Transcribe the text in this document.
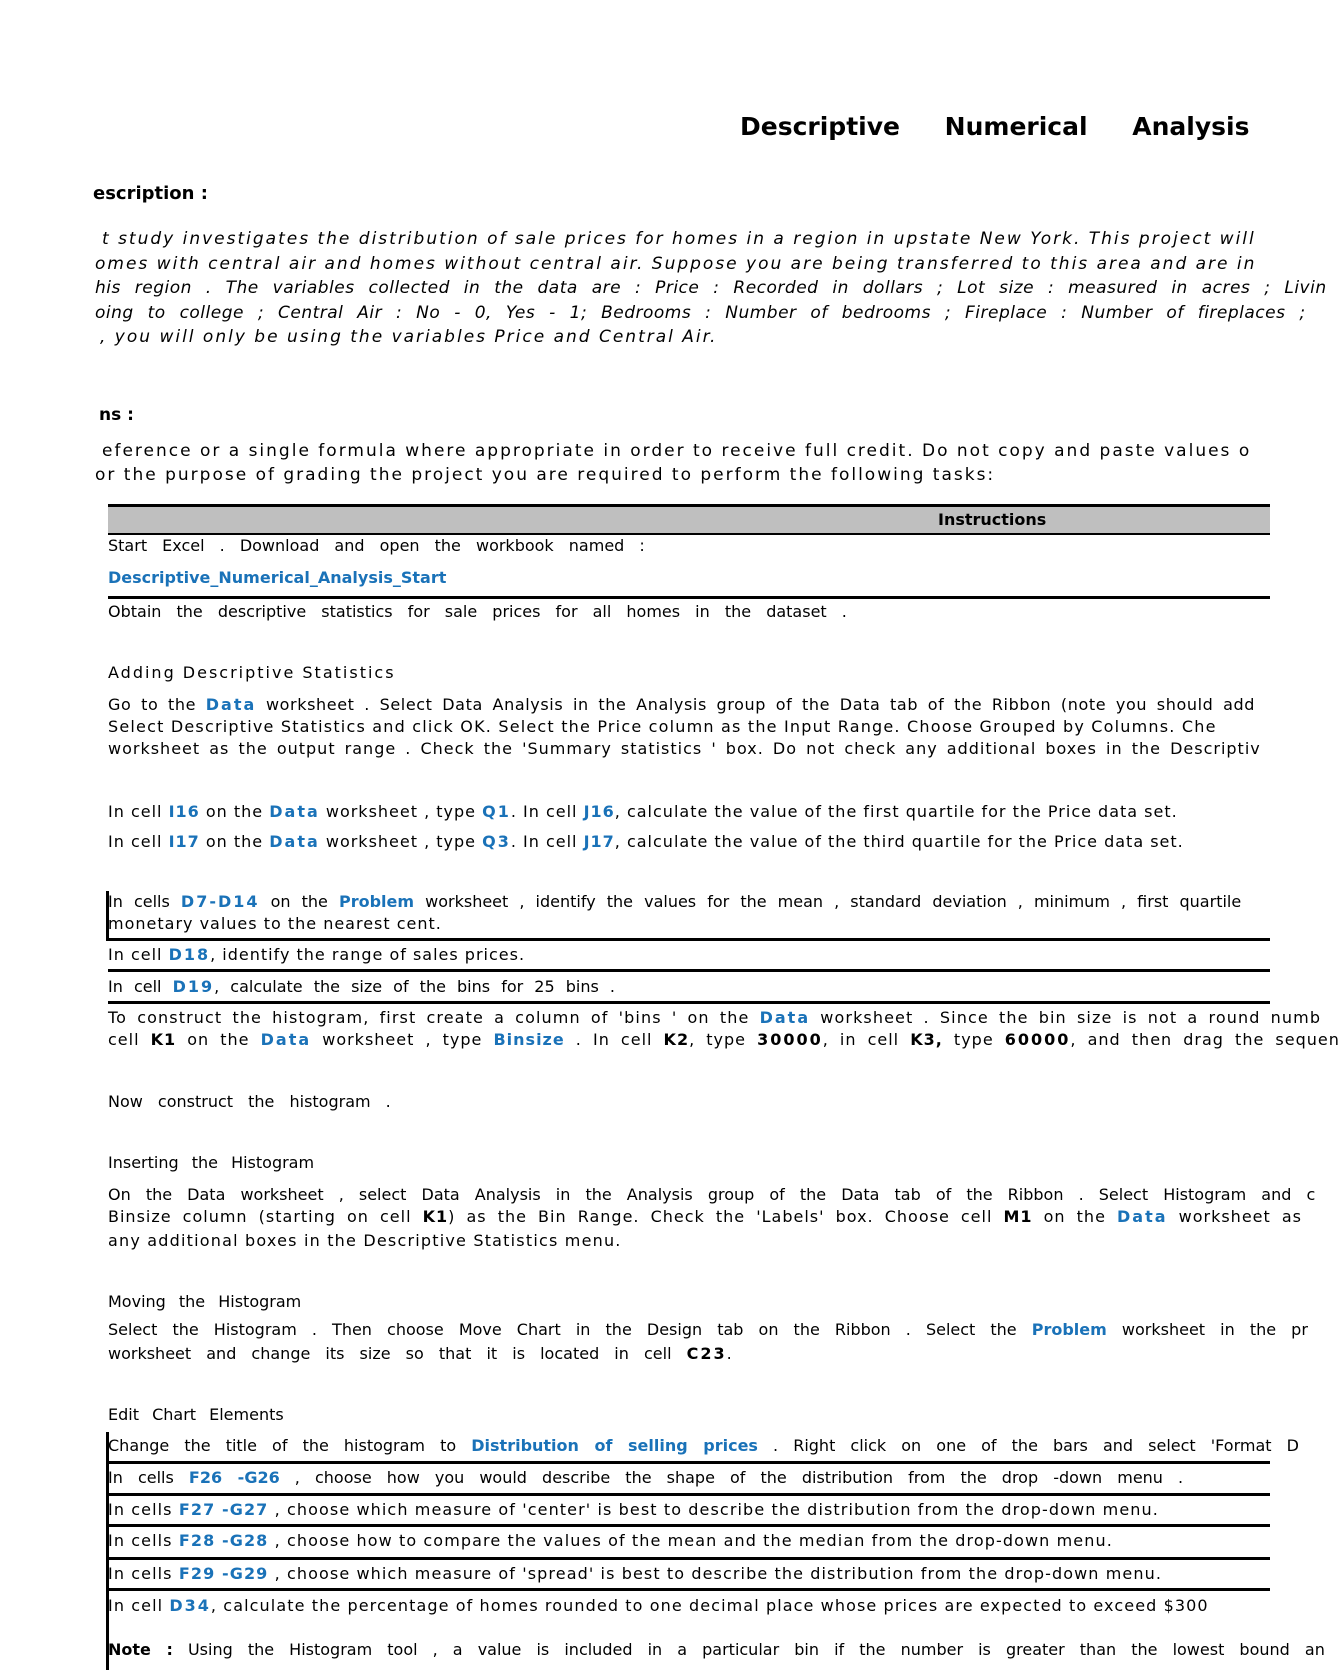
Descriptive Numerical Analysis
escription :
t study investigates the distribution of sale prices for homes in a region in upstate New York. This project will
omes with central air and homes without central air. Suppose you are being transferred to this area and are in
his region . The variables collected in the data are : Price : Recorded in dollars ; Lot size : measured in acres ; Livin
oing to college ; Central Air : No - 0, Yes - 1; Bedrooms : Number of bedrooms ; Fireplace : Number of fireplaces ;
, you will only be using the variables Price and Central Air.
ns :
eference or a single formula where appropriate in order to receive full credit. Do not copy and paste values o
or the purpose of grading the project you are required to perform the following tasks:
Instructions
Start Excel . Download and open the workbook named :
Descriptive_Numerical_Analysis_Start
Obtain the descriptive statistics for sale prices for all homes in the dataset .
Adding Descriptive Statistics
Go to the Data worksheet . Select Data Analysis in the Analysis group of the Data tab of the Ribbon (note you should add
Select Descriptive Statistics and click OK. Select the Price column as the Input Range. Choose Grouped by Columns. Che
worksheet as the output range . Check the 'Summary statistics ' box. Do not check any additional boxes in the Descriptiv
In cell I16 on the Data worksheet , type Q1. In cell J16, calculate the value of the first quartile for the Price data set.
In cell I17 on the Data worksheet , type Q3. In cell J17, calculate the value of the third quartile for the Price data set.
In cells D7-D14 on the Problem worksheet , identify the values for the mean , standard deviation , minimum , first quartile
monetary values to the nearest cent.
In cell D18, identify the range of sales prices.
In cell D19, calculate the size of the bins for 25 bins .
To construct the histogram, first create a column of 'bins ' on the Data worksheet . Since the bin size is not a round numb
cell K1 on the Data worksheet , type Binsize . In cell K2, type 30000, in cell K3, type 60000, and then drag the sequen
Now construct the histogram .
Inserting the Histogram
On the Data worksheet , select Data Analysis in the Analysis group of the Data tab of the Ribbon . Select Histogram and c
Binsize column (starting on cell K1) as the Bin Range. Check the 'Labels' box. Choose cell M1 on the Data worksheet as
any additional boxes in the Descriptive Statistics menu.
Moving the Histogram
Select the Histogram . Then choose Move Chart in the Design tab on the Ribbon . Select the Problem worksheet in the pr
worksheet and change its size so that it is located in cell C23.
Edit Chart Elements
Change the title of the histogram to Distribution of selling prices . Right click on one of the bars and select 'Format D
In cells F26 -G26 , choose how you would describe the shape of the distribution from the drop -down menu .
In cells F27 -G27 , choose which measure of 'center' is best to describe the distribution from the drop-down menu.
In cells F28 -G28 , choose how to compare the values of the mean and the median from the drop-down menu.
In cells F29 -G29 , choose which measure of 'spread' is best to describe the distribution from the drop-down menu.
In cell D34, calculate the percentage of homes rounded to one decimal place whose prices are expected to exceed $300
Note : Using the Histogram tool , a value is included in a particular bin if the number is greater than the lowest bound an
